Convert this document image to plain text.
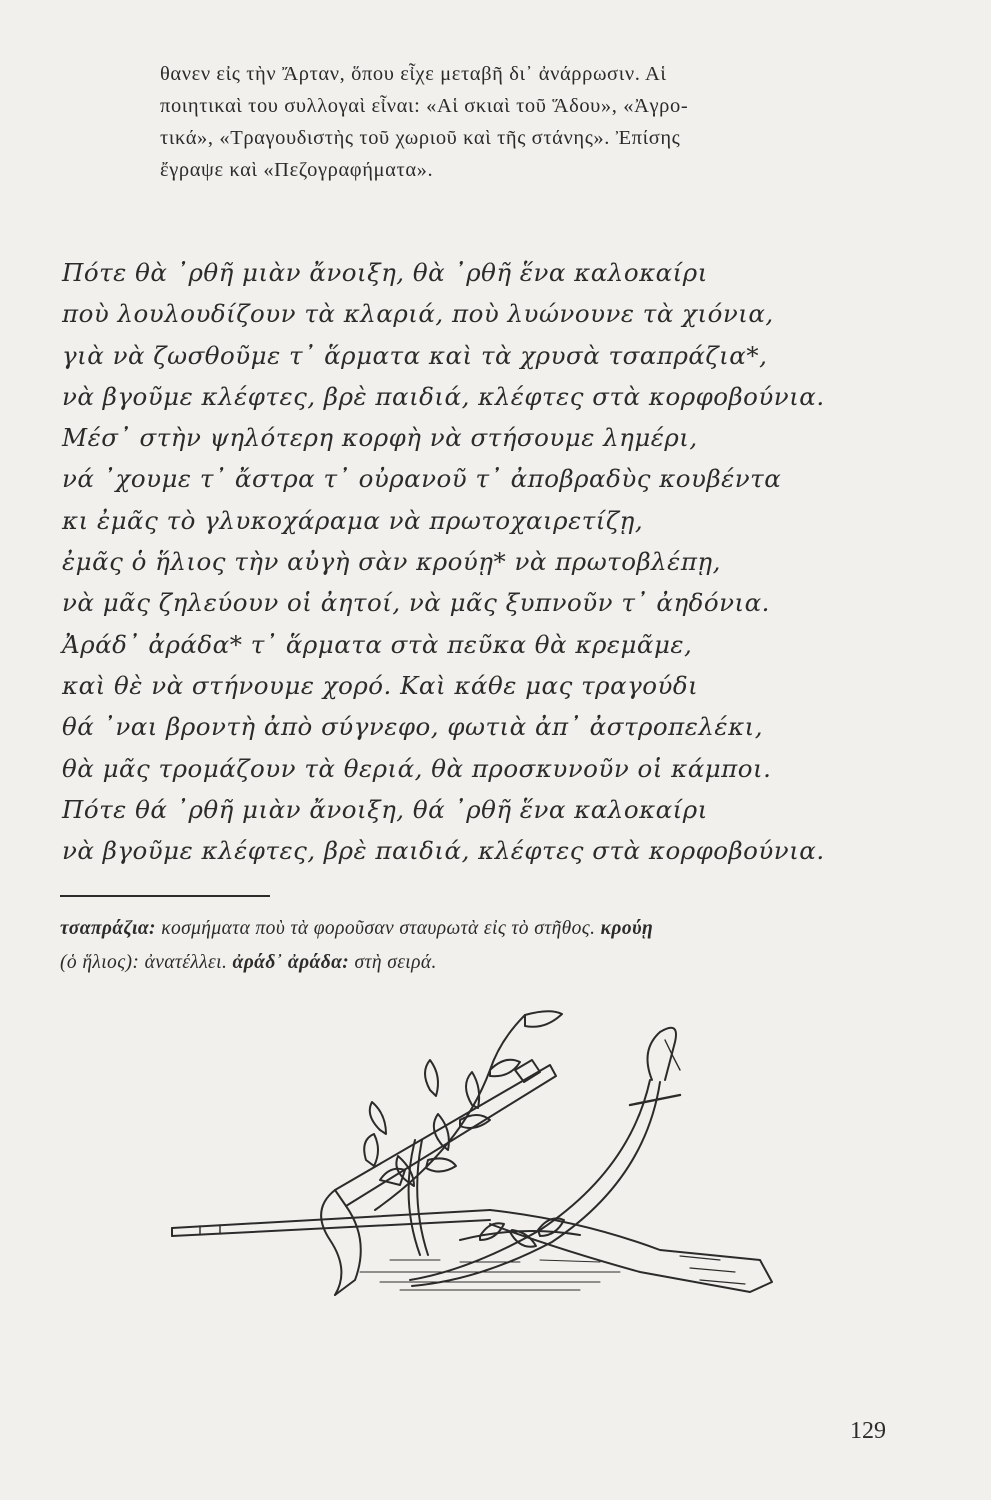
θανεν εἰς τὴν Ἄρταν, ὅπου εἶχε μεταβῆ δι᾽ ἀνάρρωσιν. Αἱ
ποιητικαὶ του συλλογαὶ εἶναι: «Αἱ σκιαὶ τοῦ Ἅδου», «Ἀγρο-
τικά», «Τραγουδιστὴς τοῦ χωριοῦ καὶ τῆς στάνης». Ἐπίσης
ἔγραψε καὶ «Πεζογραφήματα».
Πότε θὰ ᾽ρθῆ μιὰν ἄνοιξη, θὰ ᾽ρθῆ ἕνα καλοκαίρι
ποὺ λουλουδίζουν τὰ κλαριά, ποὺ λυώνουνε τὰ χιόνια,
γιὰ νὰ ζωσθοῦμε τ᾽ ἅρματα καὶ τὰ χρυσὰ τσαπράζια*,
νὰ βγοῦμε κλέφτες, βρὲ παιδιά, κλέφτες στὰ κορφοβούνια.
Μέσ᾽ στὴν ψηλότερη κορφὴ νὰ στήσουμε λημέρι,
νά ᾽χουμε τ᾽ ἄστρα τ᾽ οὐρανοῦ τ᾽ ἀποβραδὺς κουβέντα
κι ἐμᾶς τὸ γλυκοχάραμα νὰ πρωτοχαιρετίζῃ,
ἐμᾶς ὁ ἥλιος τὴν αὐγὴ σὰν κρούῃ* νὰ πρωτοβλέπῃ,
νὰ μᾶς ζηλεύουν οἱ ἀητοί, νὰ μᾶς ξυπνοῦν τ᾽ ἀηδόνια.
Ἀράδ᾽ ἀράδα* τ᾽ ἅρματα στὰ πεῦκα θὰ κρεμᾶμε,
καὶ θὲ νὰ στήνουμε χορό. Καὶ κάθε μας τραγούδι
θά ᾽ναι βροντὴ ἀπὸ σύγνεφο, φωτιὰ ἀπ᾽ ἀστροπελέκι,
θὰ μᾶς τρομάζουν τὰ θεριά, θὰ προσκυνοῦν οἱ κάμποι.
Πότε θά ᾽ρθῆ μιὰν ἄνοιξη, θά ᾽ρθῆ ἕνα καλοκαίρι
νὰ βγοῦμε κλέφτες, βρὲ παιδιά, κλέφτες στὰ κορφοβούνια.
τσαπράζια: κοσμήματα ποὺ τὰ φοροῦσαν σταυρωτὰ εἰς τὸ στῆθος. κρούῃ
(ὁ ἥλιος): ἀνατέλλει. ἀράδ᾽ ἀράδα: στὴ σειρά.
129
